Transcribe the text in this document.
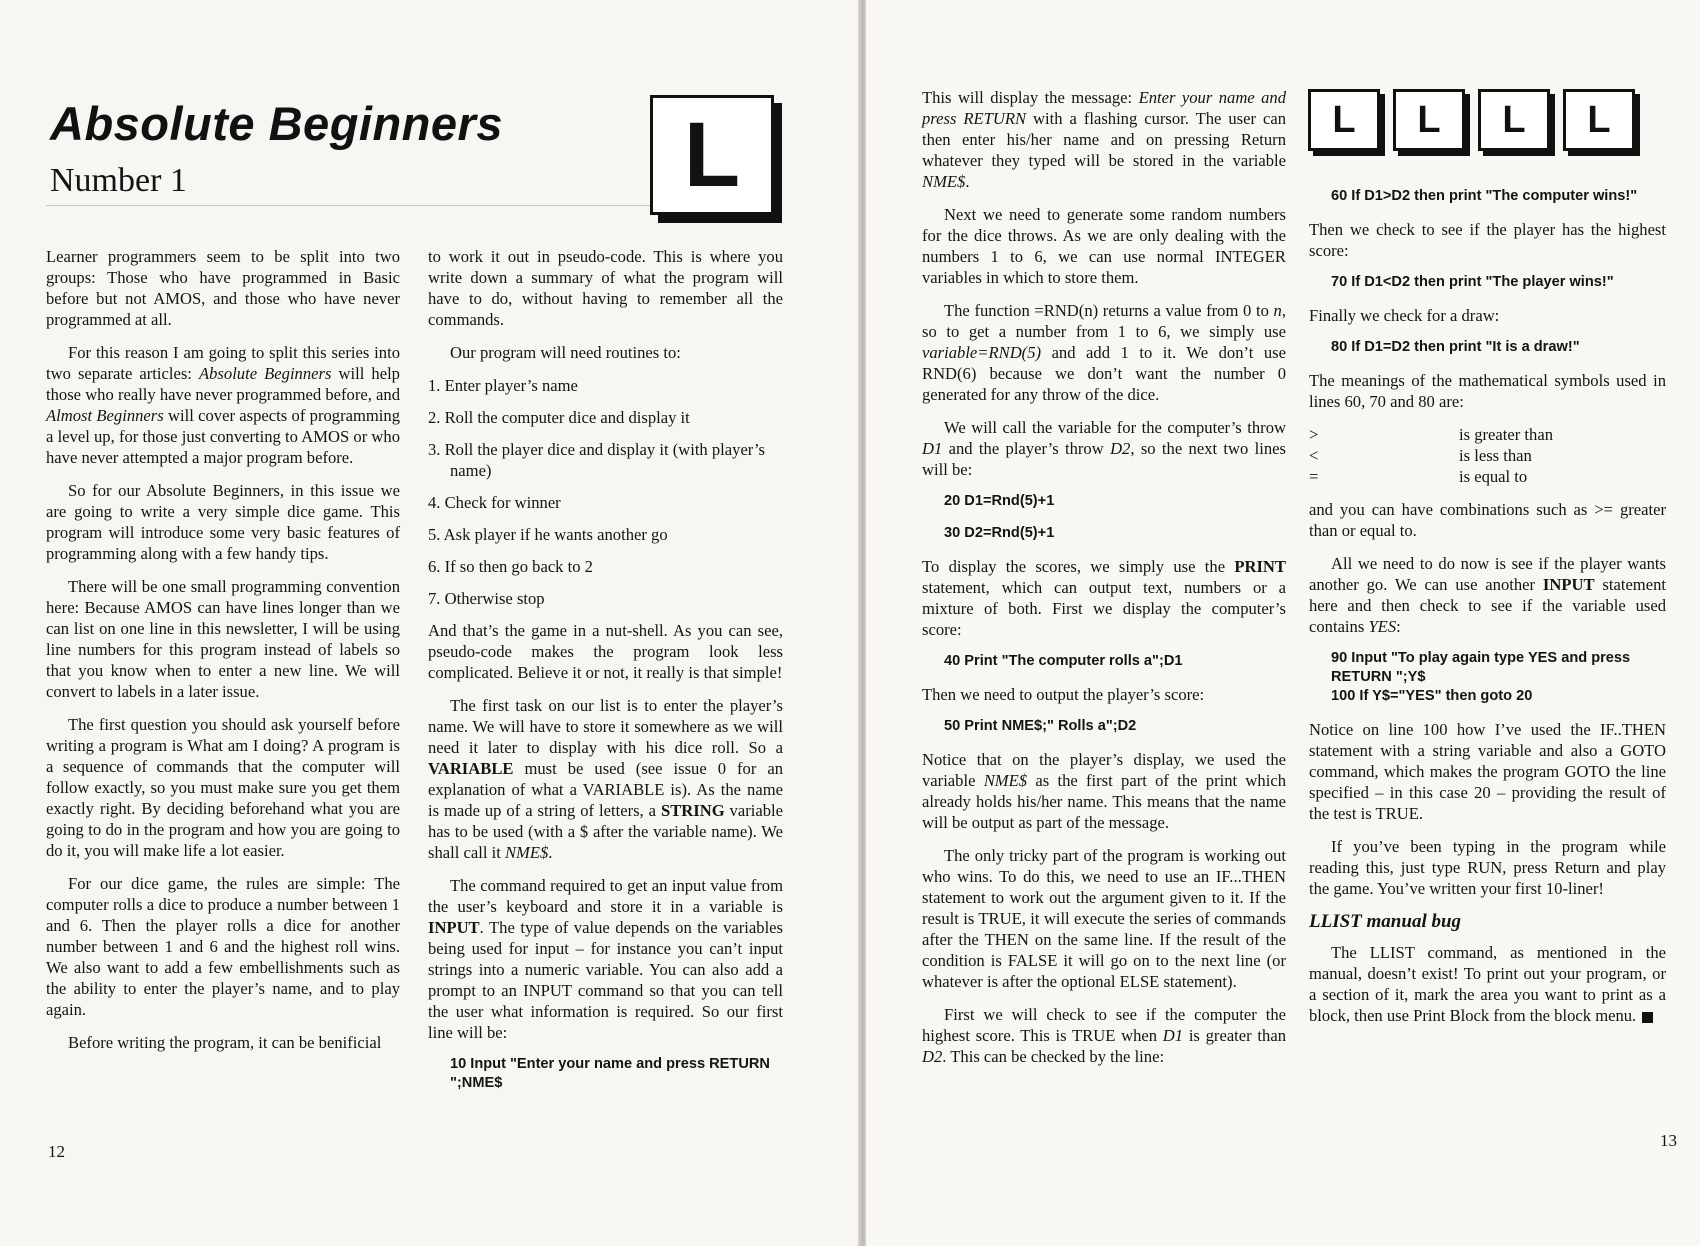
Absolute Beginners
Number 1	L

Learner programmers seem to be split into two groups: Those who have programmed in Basic before but not AMOS, and those who have never programmed at all.

For this reason I am going to split this series into two separate articles: Absolute Beginners will help those who really have never programmed before, and Almost Beginners will cover aspects of programming a level up, for those just converting to AMOS or who have never attempted a major program before.

So for our Absolute Beginners, in this issue we are going to write a very simple dice game. This program will introduce some very basic features of programming along with a few handy tips.

There will be one small programming convention here: Because AMOS can have lines longer than we can list on one line in this newsletter, I will be using line numbers for this program instead of labels so that you know when to enter a new line. We will convert to labels in a later issue.

The first question you should ask yourself before writing a program is What am I doing? A program is a sequence of commands that the computer will follow exactly, so you must make sure you get them exactly right. By deciding beforehand what you are going to do in the program and how you are going to do it, you will make life a lot easier.

For our dice game, the rules are simple: The computer rolls a dice to produce a number between 1 and 6. Then the player rolls a dice for another number between 1 and 6 and the highest roll wins. We also want to add a few embellishments such as the ability to enter the player’s name, and to play again.

Before writing the program, it can be benificial

to work it out in pseudo-code. This is where you write down a summary of what the program will have to do, without having to remember all the commands.

Our program will need routines to:

1. Enter player’s name
2. Roll the computer dice and display it
3. Roll the player dice and display it (with player’s name)
4. Check for winner
5. Ask player if he wants another go
6. If so then go back to 2
7. Otherwise stop

And that’s the game in a nut-shell. As you can see, pseudo-code makes the program look less complicated. Believe it or not, it really is that simple!

The first task on our list is to enter the player’s name. We will have to store it somewhere as we will need it later to display with his dice roll. So a VARIABLE must be used (see issue 0 for an explanation of what a VARIABLE is). As the name is made up of a string of letters, a STRING variable has to be used (with a $ after the variable name). We shall call it NME$.

The command required to get an input value from the user’s keyboard and store it in a variable is INPUT. The type of value depends on the variables being used for input – for instance you can’t input strings into a numeric variable. You can also add a prompt to an INPUT command so that you can tell the user what information is required. So our first line will be:

10 Input "Enter your name and press RETURN ";NME$
12
L	L	L	L
13

This will display the message: Enter your name and press RETURN with a flashing cursor. The user can then enter his/her name and on pressing Return whatever they typed will be stored in the variable NME$.

Next we need to generate some random numbers for the dice throws. As we are only dealing with the numbers 1 to 6, we can use normal INTEGER variables in which to store them.

The function =RND(n) returns a value from 0 to n, so to get a number from 1 to 6, we simply use variable=RND(5) and add 1 to it. We don’t use RND(6) because we don’t want the number 0 generated for any throw of the dice.

We will call the variable for the computer’s throw D1 and the player’s throw D2, so the next two lines will be:

20 D1=Rnd(5)+1
30 D2=Rnd(5)+1

To display the scores, we simply use the PRINT statement, which can output text, numbers or a mixture of both. First we display the computer’s score:

40 Print "The computer rolls a";D1

Then we need to output the player’s score:

50 Print NME$;" Rolls a";D2

Notice that on the player’s display, we used the variable NME$ as the first part of the print which already holds his/her name. This means that the name will be output as part of the message.

The only tricky part of the program is working out who wins. To do this, we need to use an IF...THEN statement to work out the argument given to it. If the result is TRUE, it will execute the series of commands after the THEN on the same line. If the result of the condition is FALSE it will go on to the next line (or whatever is after the optional ELSE statement).

First we will check to see if the computer the highest score. This is TRUE when D1 is greater than D2. This can be checked by the line:

60 If D1>D2 then print "The computer wins!"

Then we check to see if the player has the highest score:

70 If D1<D2 then print "The player wins!"

Finally we check for a draw:

80 If D1=D2 then print "It is a draw!"

The meanings of the mathematical symbols used in lines 60, 70 and 80 are:

>	is greater than
<	is less than
=	is equal to

and you can have combinations such as >= greater than or equal to.

All we need to do now is see if the player wants another go. We can use another INPUT statement here and then check to see if the variable used contains YES:

90 Input "To play again type YES and press RETURN ";Y$
100 If Y$="YES" then goto 20

Notice on line 100 how I’ve used the IF..THEN statement with a string variable and also a GOTO command, which makes the program GOTO the line specified – in this case 20 – providing the result of the test is TRUE.

If you’ve been typing in the program while reading this, just type RUN, press Return and play the game. You’ve written your first 10-liner!

LLIST manual bug

The LLIST command, as mentioned in the manual, doesn’t exist! To print out your program, or a section of it, mark the area you want to print as a block, then use Print Block from the block menu.
